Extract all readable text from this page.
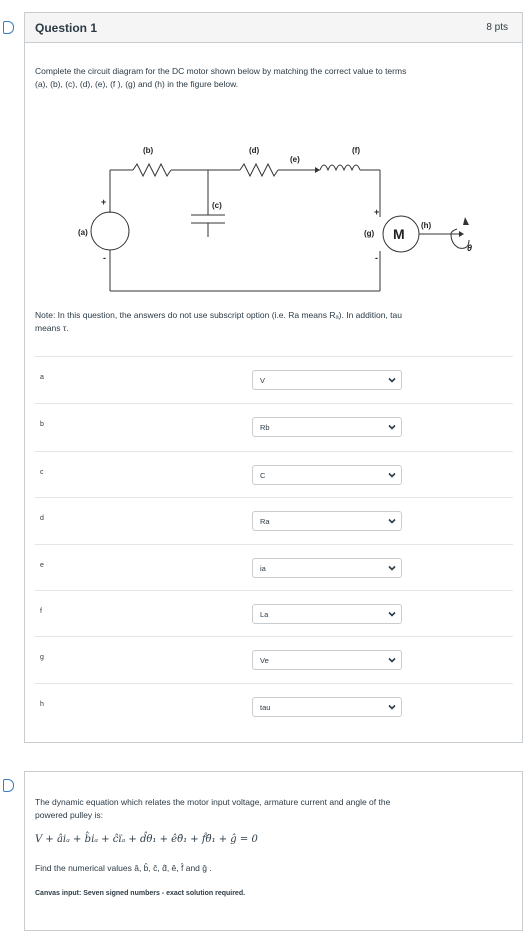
Question 1	8 pts
Complete the circuit diagram for the DC motor shown below by matching the correct value to terms
(a), (b), (c), (d), (e), (f ), (g) and (h) in the figure below.
(b)	(d)
(e)
(f)
(c)
(a)	(g)
(h)
M
+
-
+
-
θ
Note: In this question, the answers do not use subscript option (i.e. Ra means Rₐ). In addition, tau
means τ.
a	V
b	Rb
c	C
d	Ra
e	ia
f	La
g	Ve
h	tau
The dynamic equation which relates the motor input voltage, armature current and angle of the
powered pulley is:
V + âiₐ + b̂i̇ₐ + ĉïₐ + d̂θ₁ + êθ̇₁ + f̂θ̈₁ + ĝ = 0
Find the numerical values â, b̂, ĉ, d̂, ê, f̂ and ĝ .
Canvas input: Seven signed numbers - exact solution required.
